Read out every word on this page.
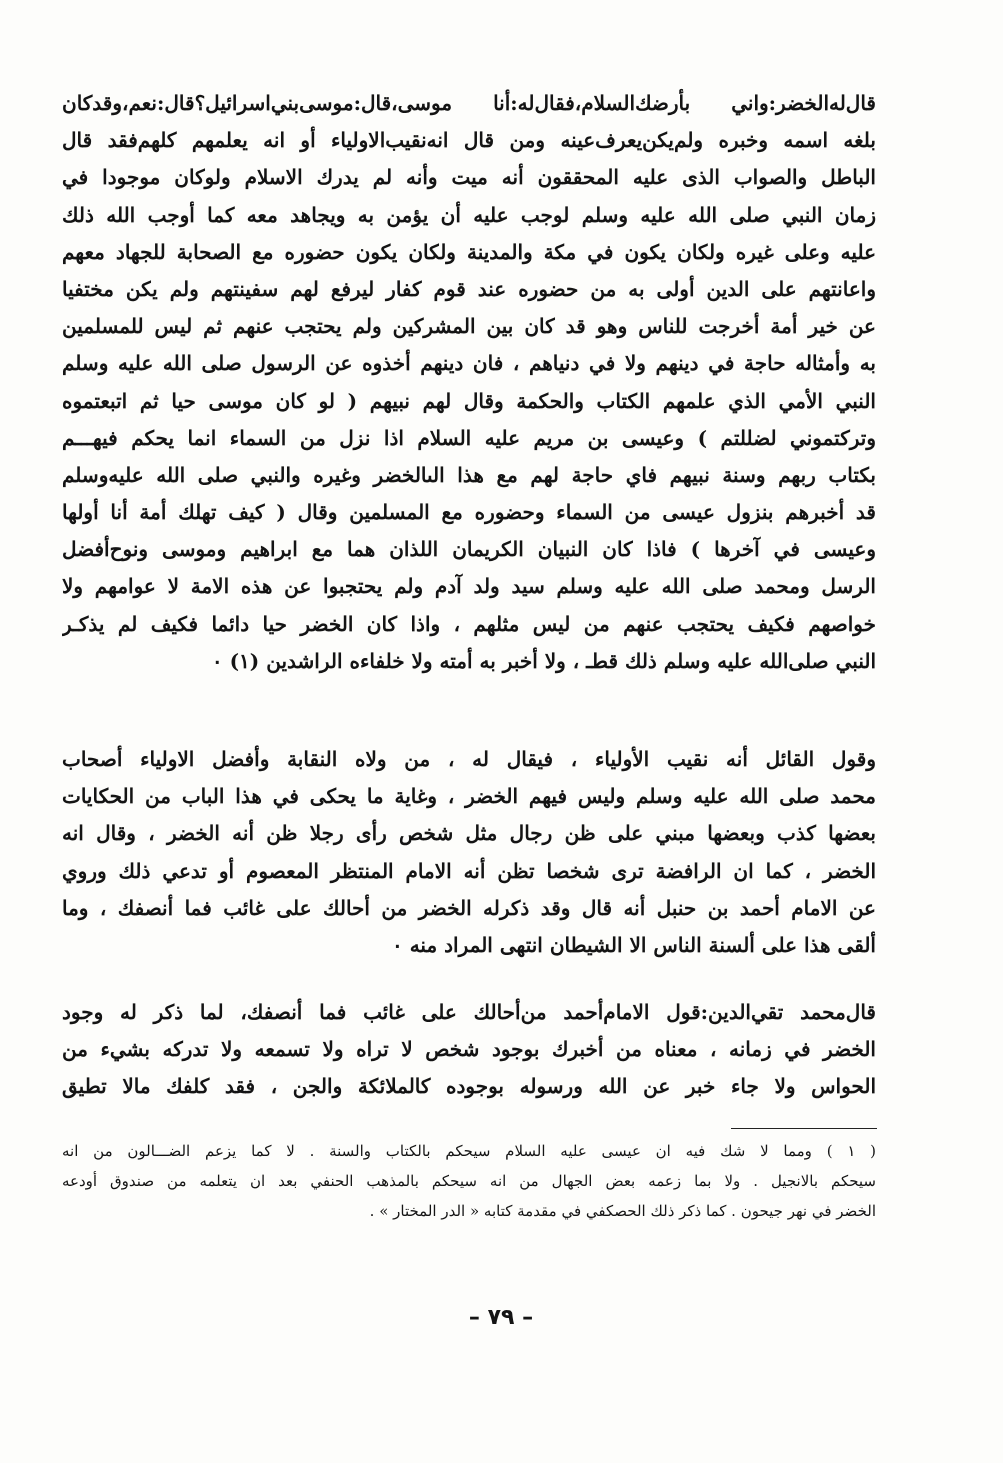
قال‌له‌الخضر:واني بأرضك‌السلام،فقال‌له:أنا موسى،قال:موسى‌بني‌اسرائيل؟قال:نعم،وقدكان
بلغه اسمه وخبره ولم‌يكن‌يعرف‌عينه ومن قال انه‌نقيب‌الاولياء أو انه يعلمهم كلهم‌فقد قال
الباطل والصواب الذى عليه المحققون أنه ميت وأنه لم يدرك الاسلام ولوكان موجودا في
زمان النبي صلى الله عليه وسلم لوجب عليه أن يؤمن به ويجاهد معه كما أوجب الله ذلك
عليه وعلى غيره ولكان يكون في مكة والمدينة ولكان يكون حضوره مع الصحابة للجهاد معهم
واعانتهم على الدين أولى به من حضوره عند قوم كفار ليرفع لهم سفينتهم ولم يكن مختفيا
عن خير أمة أخرجت للناس وهو قد كان بين المشركين ولم يحتجب عنهم ثم ليس للمسلمين
به وأمثاله حاجة في دينهم ولا في دنياهم ، فان دينهم أخذوه عن الرسول صلى الله عليه وسلم
النبي الأمي الذي علمهم الكتاب والحكمة وقال لهم نبيهم ( لو كان موسى حيا ثم اتبعتموه
وتركتموني لضللتم ) وعيسى بن مريم عليه السلام اذا نزل من السماء انما يحكم فيهـــم
بكتاب ربهم وسنة نبيهم فاي حاجة لهم مع هذا الىالخضر وغيره والنبي صلى الله عليه‌وسلم
قد أخبرهم بنزول عيسى من السماء وحضوره مع المسلمين وقال ( كيف تهلك أمة أنا أولها
وعيسى في آخرها ) فاذا كان النبيان الكريمان اللذان هما مع ابراهيم وموسى ونوح‌أفضل
الرسل ومحمد صلى الله عليه وسلم سيد ولد آدم ولم يحتجبوا عن هذه الامة لا عوامهم ولا
خواصهم فكيف يحتجب عنهم من ليس مثلهم ، واذا كان الخضر حيا دائما فكيف لم يذكـر
النبي صلى‌الله عليه وسلم ذلك قطـ ، ولا أخبر به أمته ولا خلفاءه الراشدين (١) ٠
وقول القائل أنه نقيب الأولياء ، فيقال له ، من ولاه النقابة وأفضل الاولياء أصحاب
محمد صلى الله عليه وسلم وليس فيهم الخضر ، وغاية ما يحكى في هذا الباب من الحكايات
بعضها كذب وبعضها مبني على ظن رجال مثل شخص رأى رجلا ظن أنه الخضر ، وقال انه
الخضر ، كما ان الرافضة ترى شخصا تظن أنه الامام المنتظر المعصوم أو تدعي ذلك وروي
عن الامام أحمد بن حنبل أنه قال وقد ذكرله الخضر من أحالك على غائب فما أنصفك ، وما
ألقى هذا على ألسنة الناس الا الشيطان انتهى المراد منه ٠
قال‌محمد تقي‌الدين:قول الامام‌أحمد من‌أحالك على غائب فما أنصفك، لما ذكر له وجود
الخضر في زمانه ، معناه من أخبرك بوجود شخص لا تراه ولا تسمعه ولا تدركه بشيء من
الحواس ولا جاء خبر عن الله ورسوله بوجوده كالملائكة والجن ، فقد كلفك مالا تطيق
( ١ ) ومما لا شك فيه ان عيسى عليه السلام سيحكم بالكتاب والسنة . لا كما يزعم الضـــالون من انه
سيحكم بالانجيل . ولا بما زعمه بعض الجهال من انه سيحكم بالمذهب الحنفي بعد ان يتعلمه من صندوق أودعه
الخضر في نهر جيحون . كما ذكر ذلك الحصكفي في مقدمة كتابه « الدر المختار » .
– ٧٩ –
